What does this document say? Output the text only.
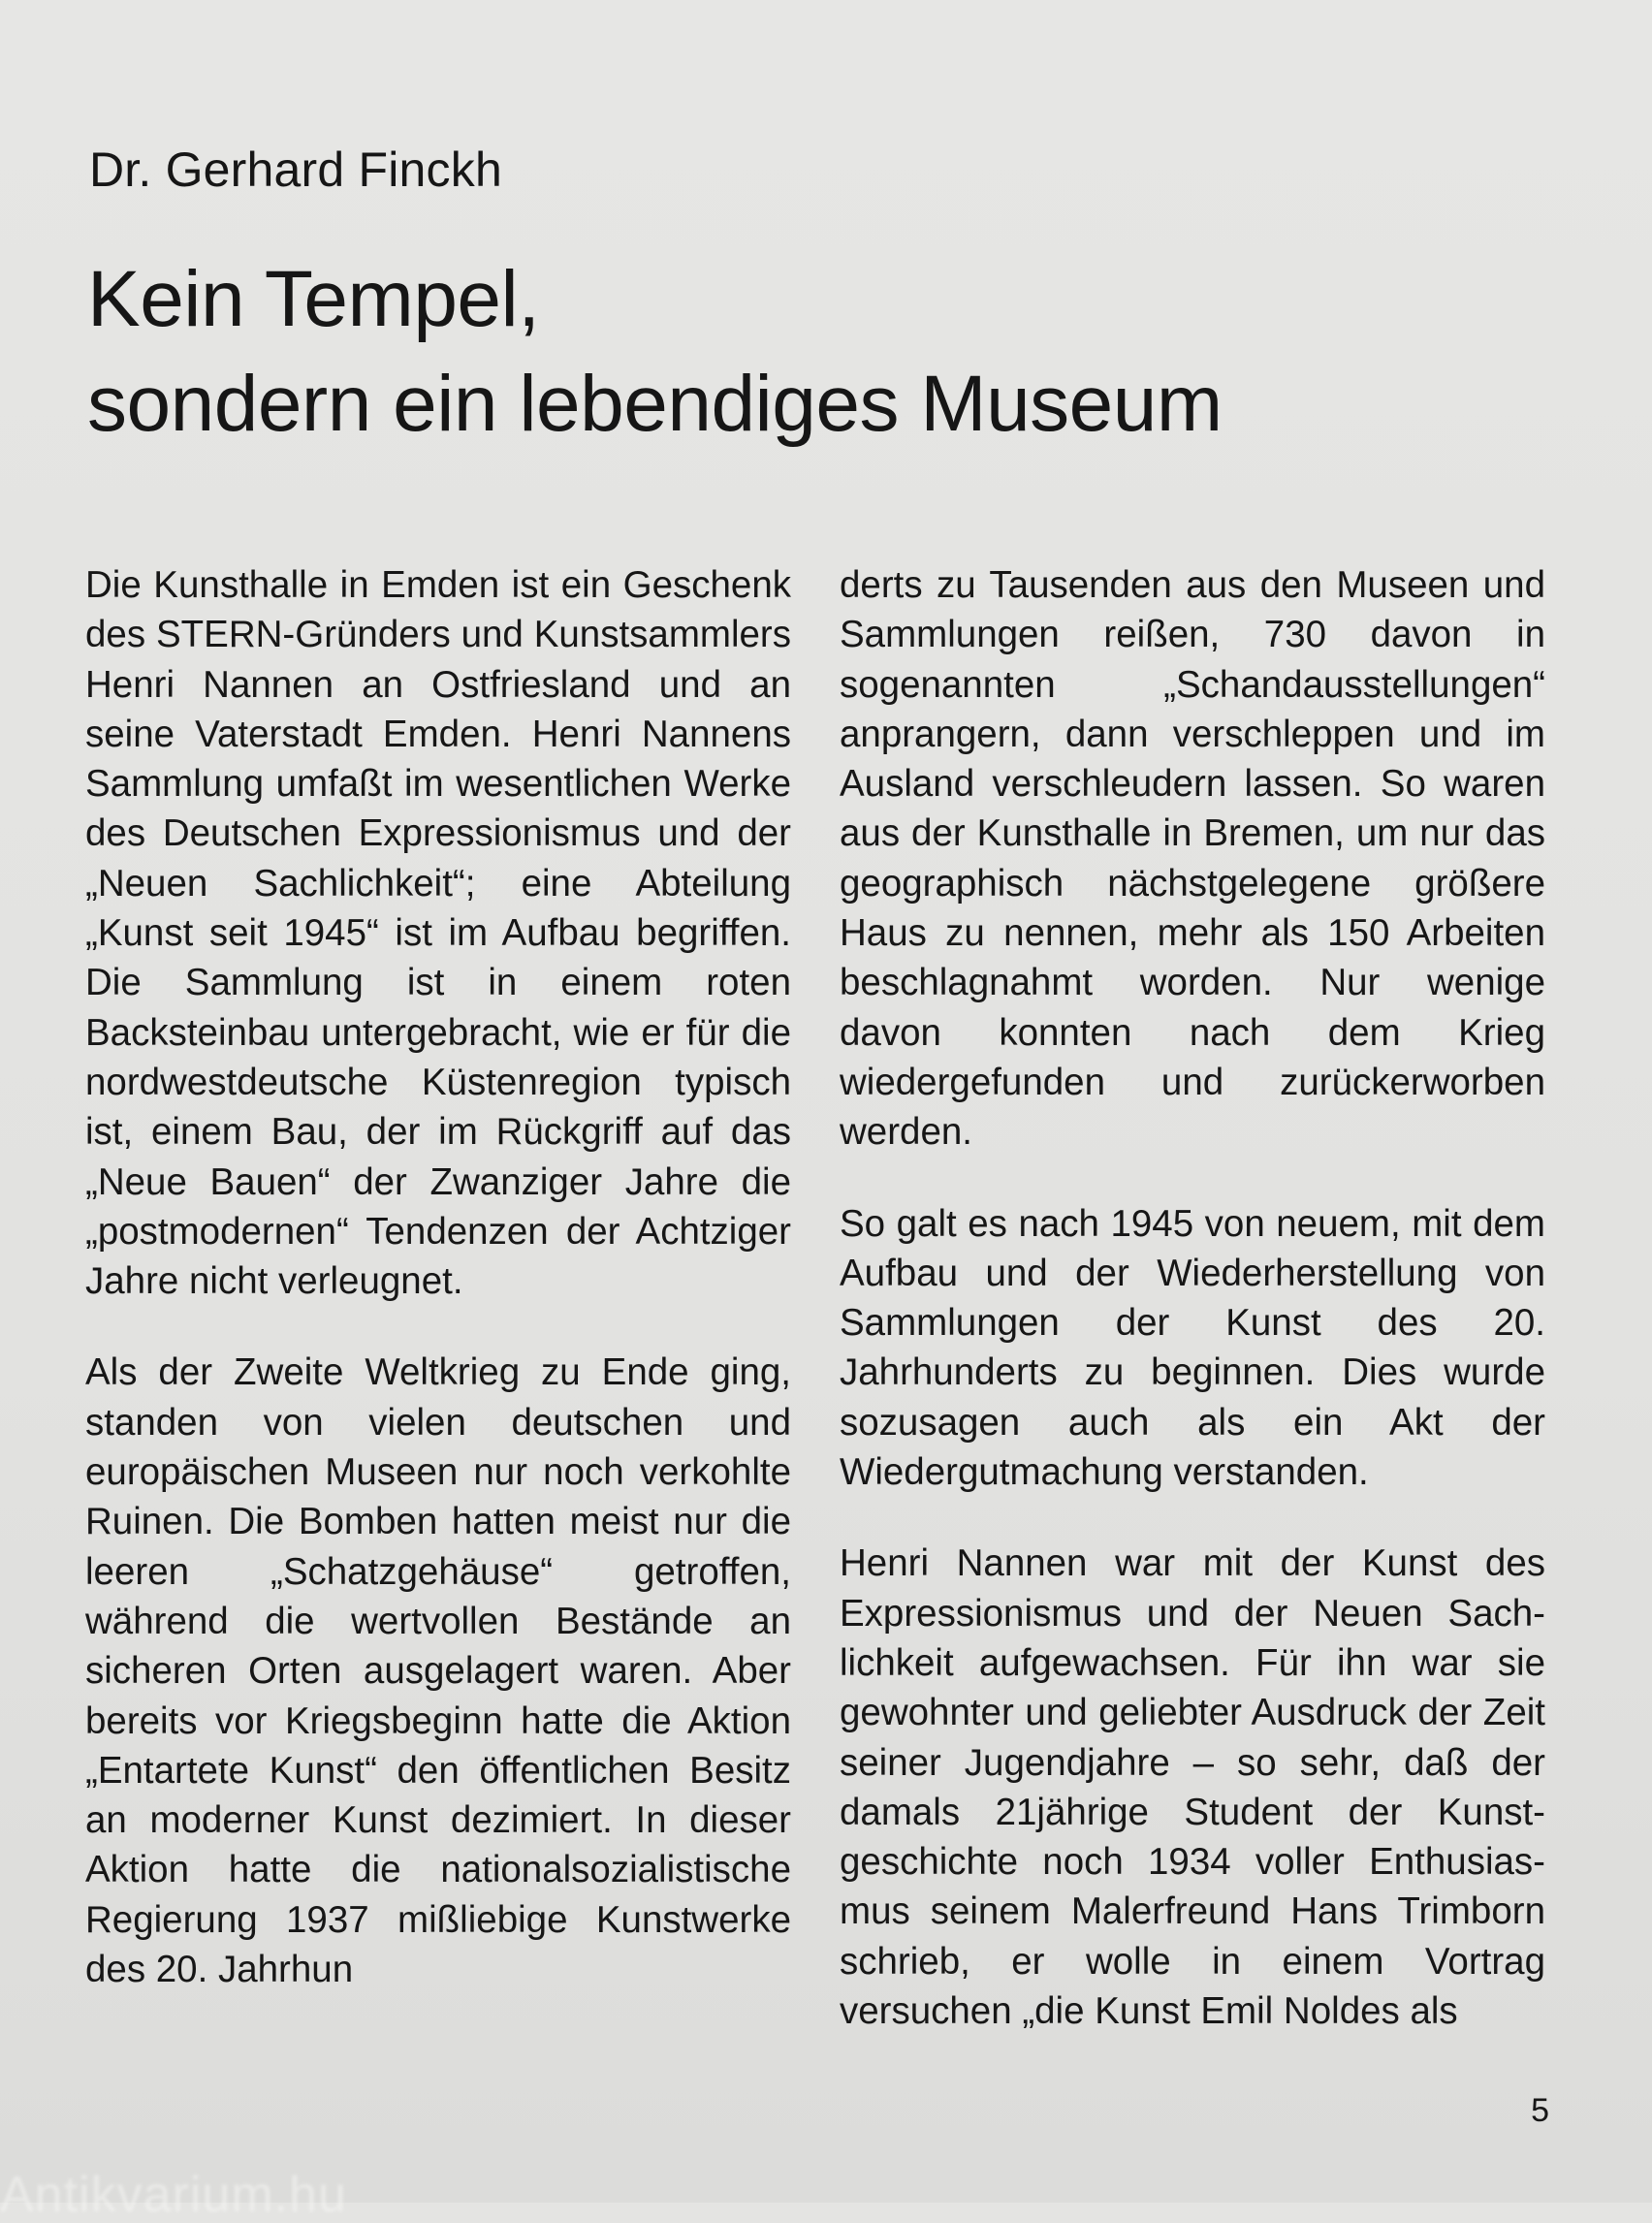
Dr. Gerhard Finckh
Kein Tempel,
sondern ein lebendiges Museum

Die Kunsthalle in Emden ist ein Geschenk des STERN-Gründers und Kunstsammlers Henri Nannen an Ostfriesland und an seine Vaterstadt Emden. Henri Nannens Sammlung umfaßt im wesentlichen Werke des Deutschen Expressionismus und der „Neuen Sachlichkeit“; eine Abteilung „Kunst seit 1945“ ist im Aufbau begriffen. Die Sammlung ist in einem roten Backsteinbau untergebracht, wie er für die nordwestdeutsche Küstenregion typisch ist, einem Bau, der im Rückgriff auf das „Neue Bauen“ der Zwanziger Jahre die „postmodernen“ Tendenzen der Achtziger Jahre nicht verleugnet.

Als der Zweite Weltkrieg zu Ende ging, standen von vielen deutschen und europäischen Museen nur noch verkohlte Ruinen. Die Bomben hatten meist nur die leeren „Schatzgehäuse“ getroffen, während die wertvollen Bestände an sicheren Orten ausgelagert waren. Aber bereits vor Kriegsbeginn hatte die Aktion „Entartete Kunst“ den öffentlichen Besitz an moderner Kunst dezimiert. In dieser Aktion hatte die nationalsozialistische Regierung 1937 mißliebige Kunstwerke des 20. Jahrhun

derts zu Tausenden aus den Museen und Sammlungen reißen, 730 davon in sogenannten „Schandausstellungen“ anprangern, dann verschleppen und im Ausland verschleudern lassen. So waren aus der Kunsthalle in Bremen, um nur das geographisch nächstgelegene größere Haus zu nennen, mehr als 150 Arbeiten beschlagnahmt worden. Nur wenige davon konnten nach dem Krieg wiedergefunden und zurückerworben werden.

So galt es nach 1945 von neuem, mit dem Aufbau und der Wiederherstellung von Sammlungen der Kunst des 20. Jahrhunderts zu beginnen. Dies wurde sozusagen auch als ein Akt der Wiedergutmachung verstanden.

Henri Nannen war mit der Kunst des Expressionismus und der Neuen Sachlichkeit aufgewachsen. Für ihn war sie gewohnter und geliebter Ausdruck der Zeit seiner Jugendjahre – so sehr, daß der damals 21jährige Student der Kunstgeschichte noch 1934 voller Enthusiasmus seinem Malerfreund Hans Trimborn schrieb, er wolle in einem Vortrag versuchen „die Kunst Emil Noldes als

5
Antikvarium.hu
